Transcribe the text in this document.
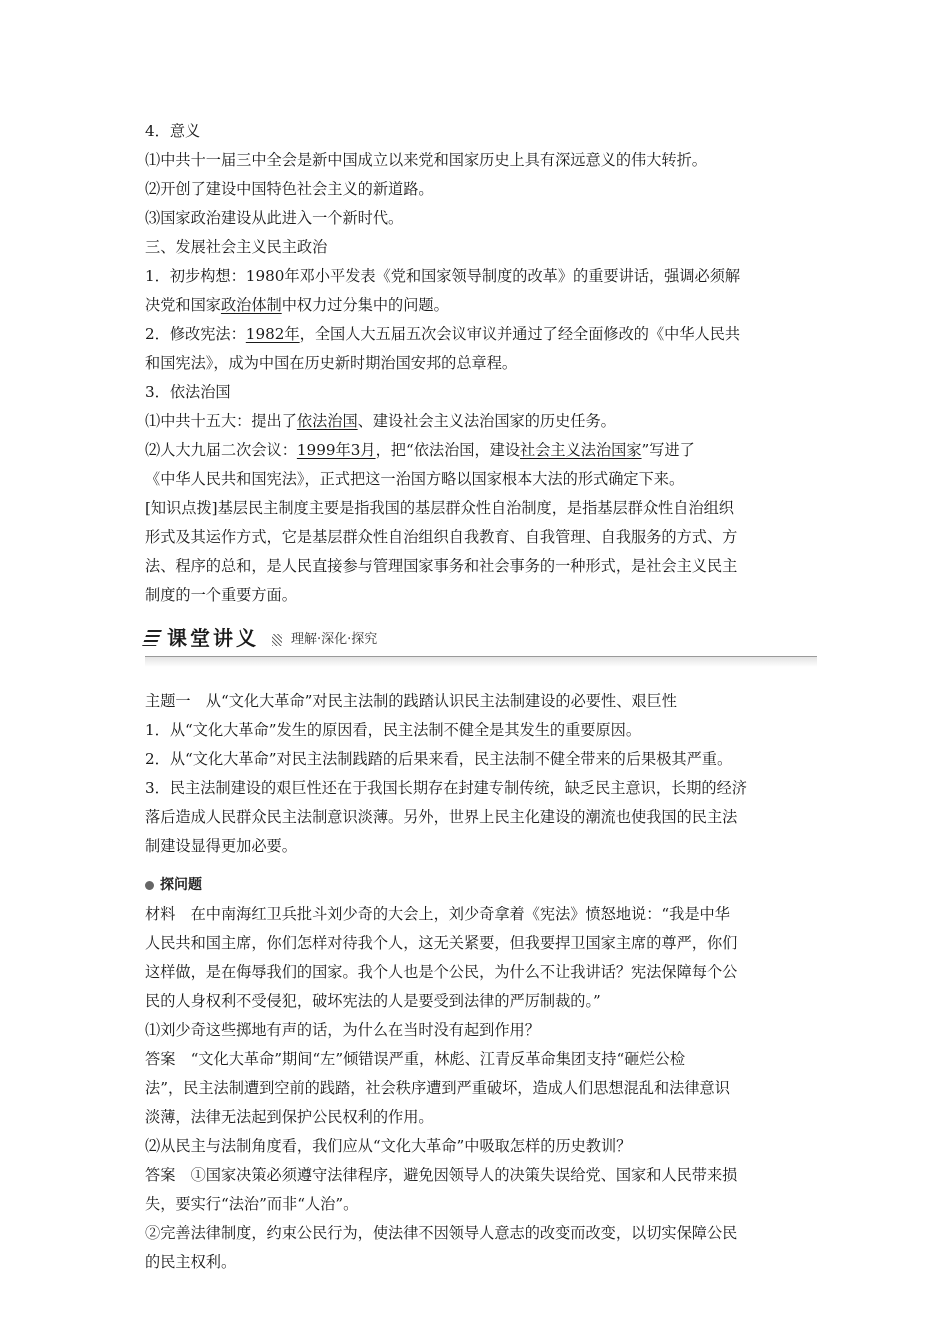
4．意义
⑴中共十一届三中全会是新中国成立以来党和国家历史上具有深远意义的伟大转折。
⑵开创了建设中国特色社会主义的新道路。
⑶国家政治建设从此进入一个新时代。
三、发展社会主义民主政治
1．初步构想：1980年邓小平发表《党和国家领导制度的改革》的重要讲话，强调必须解
决党和国家政治体制中权力过分集中的问题。
2．修改宪法：1982年，全国人大五届五次会议审议并通过了经全面修改的《中华人民共
和国宪法》，成为中国在历史新时期治国安邦的总章程。
3．依法治国
⑴中共十五大：提出了依法治国、建设社会主义法治国家的历史任务。
⑵人大九届二次会议：1999年3月，把“依法治国，建设社会主义法治国家”写进了
《中华人民共和国宪法》，正式把这一治国方略以国家根本大法的形式确定下来。
[知识点拨]基层民主制度主要是指我国的基层群众性自治制度，是指基层群众性自治组织
形式及其运作方式，它是基层群众性自治组织自我教育、自我管理、自我服务的方式、方
法、程序的总和，是人民直接参与管理国家事务和社会事务的一种形式，是社会主义民主
制度的一个重要方面。
课堂讲义 理解·深化·探究
主题一　从“文化大革命”对民主法制的践踏认识民主法制建设的必要性、艰巨性
1．从“文化大革命”发生的原因看，民主法制不健全是其发生的重要原因。
2．从“文化大革命”对民主法制践踏的后果来看，民主法制不健全带来的后果极其严重。
3．民主法制建设的艰巨性还在于我国长期存在封建专制传统，缺乏民主意识，长期的经济
落后造成人民群众民主法制意识淡薄。另外，世界上民主化建设的潮流也使我国的民主法
制建设显得更加必要。
探问题
材料　在中南海红卫兵批斗刘少奇的大会上，刘少奇拿着《宪法》愤怒地说：“我是中华
人民共和国主席，你们怎样对待我个人，这无关紧要，但我要捍卫国家主席的尊严，你们
这样做，是在侮辱我们的国家。我个人也是个公民，为什么不让我讲话？宪法保障每个公
民的人身权利不受侵犯，破坏宪法的人是要受到法律的严厉制裁的。”
⑴刘少奇这些掷地有声的话，为什么在当时没有起到作用？
答案　“文化大革命”期间“左”倾错误严重，林彪、江青反革命集团支持“砸烂公检
法”，民主法制遭到空前的践踏，社会秩序遭到严重破坏，造成人们思想混乱和法律意识
淡薄，法律无法起到保护公民权利的作用。
⑵从民主与法制角度看，我们应从“文化大革命”中吸取怎样的历史教训？
答案　①国家决策必须遵守法律程序，避免因领导人的决策失误给党、国家和人民带来损
失，要实行“法治”而非“人治”。
②完善法律制度，约束公民行为，使法律不因领导人意志的改变而改变，以切实保障公民
的民主权利。
